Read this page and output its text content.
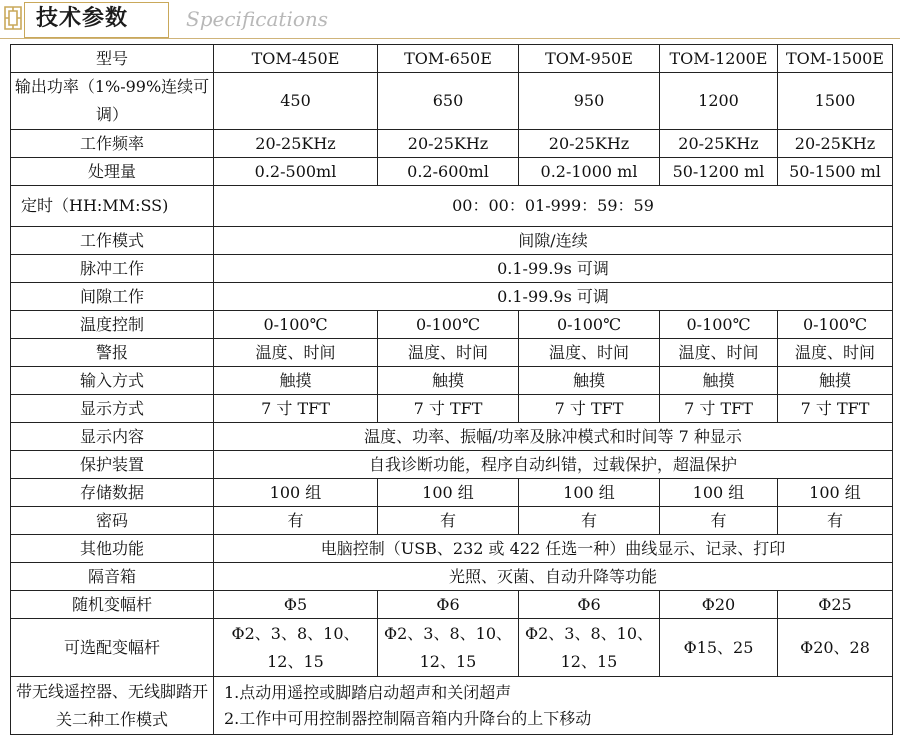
技术参数	Specifications
型号	TOM-450E	TOM-650E	TOM-950E	TOM-1200E	TOM-1500E
输出功率（1%-99%连续可调）	450	650	950	1200	1500
工作频率	20-25KHz	20-25KHz	20-25KHz	20-25KHz	20-25KHz
处理量	0.2-500ml	0.2-600ml	0.2-1000 ml	50-1200 ml	50-1500 ml
定时（HH:MM:SS)	00：00：01-999：59：59				
工作模式	间隙/连续				
脉冲工作	0.1-99.9s 可调				
间隙工作	0.1-99.9s 可调				
温度控制	0-100℃	0-100℃	0-100℃	0-100℃	0-100℃
警报	温度、时间	温度、时间	温度、时间	温度、时间	温度、时间
输入方式	触摸	触摸	触摸	触摸	触摸
显示方式	7 寸 TFT	7 寸 TFT	7 寸 TFT	7 寸 TFT	7 寸 TFT
显示内容	温度、功率、振幅/功率及脉冲模式和时间等 7 种显示				
保护装置	自我诊断功能，程序自动纠错，过载保护，超温保护				
存储数据	100 组	100 组	100 组	100 组	100 组
密码	有	有	有	有	有
其他功能	电脑控制（USB、232 或 422 任选一种）曲线显示、记录、打印				
隔音箱	光照、灭菌、自动升降等功能				
随机变幅杆	Φ5	Φ6	Φ6	Φ20	Φ25
可选配变幅杆	Φ2、3、8、10、12、15	Φ2、3、8、10、12、15	Φ2、3、8、10、12、15	Φ15、25	Φ20、28
带无线遥控器、无线脚踏开关二种工作模式	1.点动用遥控或脚踏启动超声和关闭超声
2.工作中可用控制器控制隔音箱内升降台的上下移动				
